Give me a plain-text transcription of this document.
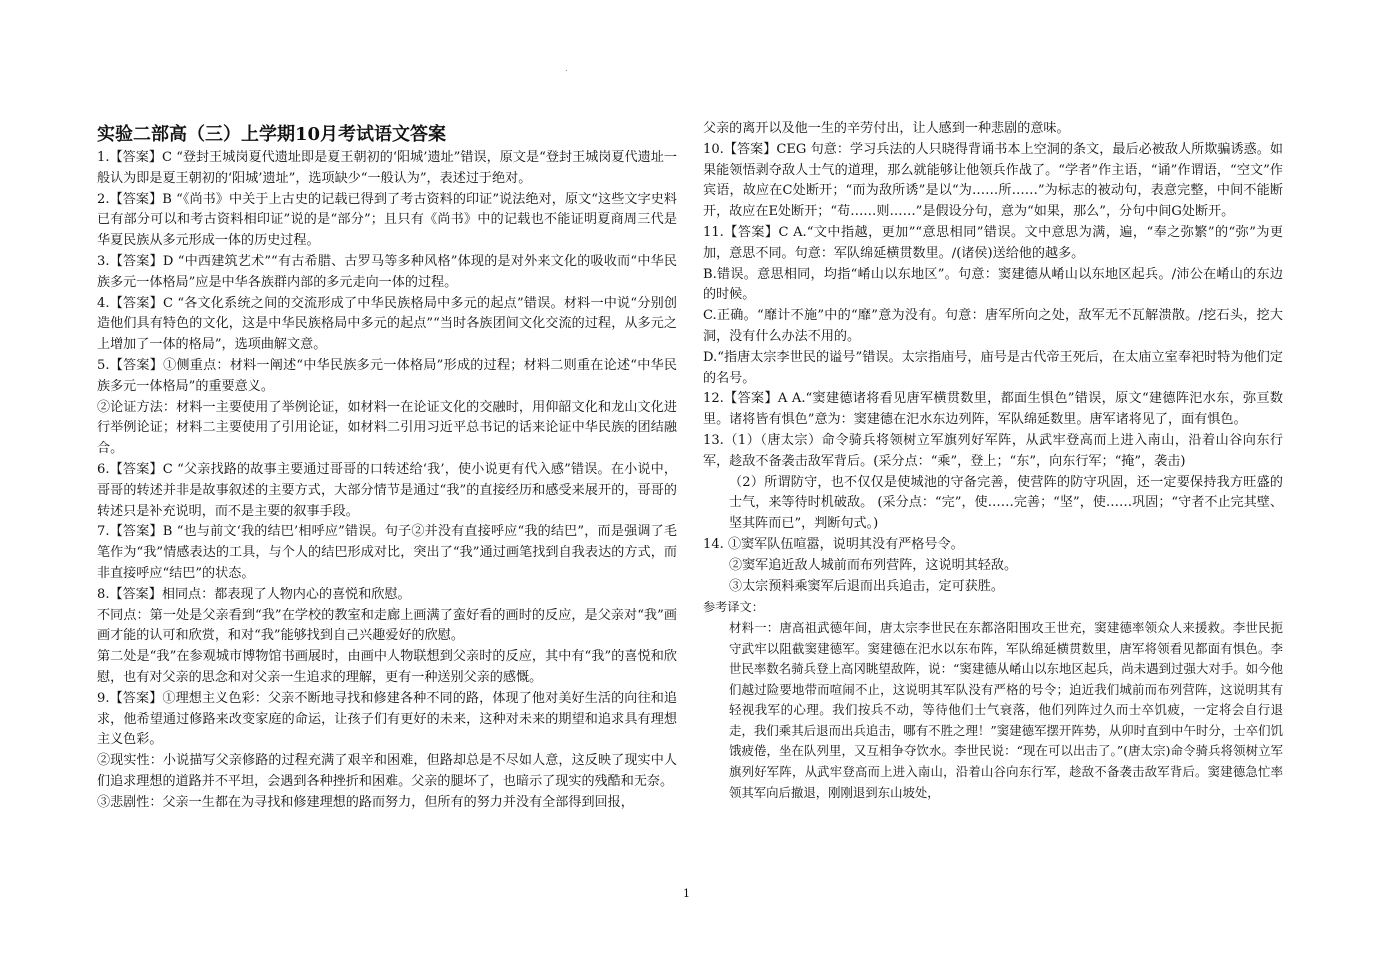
.

实验二部高（三）上学期10月考试语文答案

1.【答案】C “登封王城岗夏代遗址即是夏王朝初的‘阳城’遗址”错误，原文是“登封王城岗夏代遗址一般认为即是夏王朝初的‘阳城’遗址”，选项缺少“一般认为”，表述过于绝对。

2.【答案】B “《尚书》中关于上古史的记载已得到了考古资料的印证”说法绝对，原文“这些文字史料已有部分可以和考古资料相印证”说的是“部分”；且只有《尚书》中的记载也不能证明夏商周三代是华夏民族从多元形成一体的历史过程。

3.【答案】D “中西建筑艺术”“有古希腊、古罗马等多种风格”体现的是对外来文化的吸收而“中华民族多元一体格局”应是中华各族群内部的多元走向一体的过程。

4.【答案】C “各文化系统之间的交流形成了中华民族格局中多元的起点”错误。材料一中说“分别创造他们具有特色的文化，这是中华民族格局中多元的起点”“当时各族团间文化交流的过程，从多元之上增加了一体的格局”，选项曲解文意。

5.【答案】①侧重点：材料一阐述“中华民族多元一体格局”形成的过程；材料二则重在论述“中华民族多元一体格局”的重要意义。

②论证方法：材料一主要使用了举例论证，如材料一在论证文化的交融时，用仰韶文化和龙山文化进行举例论证；材料二主要使用了引用论证，如材料二引用习近平总书记的话来论证中华民族的团结融合。

6.【答案】C “父亲找路的故事主要通过哥哥的口转述给‘我’，使小说更有代入感”错误。在小说中，哥哥的转述并非是故事叙述的主要方式，大部分情节是通过“我”的直接经历和感受来展开的，哥哥的转述只是补充说明，而不是主要的叙事手段。

7.【答案】B “也与前文‘我的结巴’相呼应”错误。句子②并没有直接呼应“我的结巴”，而是强调了毛笔作为“我”情感表达的工具，与个人的结巴形成对比，突出了“我”通过画笔找到自我表达的方式，而非直接呼应“结巴”的状态。

8.【答案】相同点：都表现了人物内心的喜悦和欣慰。

不同点：第一处是父亲看到“我”在学校的教室和走廊上画满了蛮好看的画时的反应，是父亲对“我”画画才能的认可和欣赏，和对“我”能够找到自己兴趣爱好的欣慰。

第二处是“我”在参观城市博物馆书画展时，由画中人物联想到父亲时的反应，其中有“我”的喜悦和欣慰，也有对父亲的思念和对父亲一生追求的理解，更有一种送别父亲的感慨。

9.【答案】①理想主义色彩：父亲不断地寻找和修建各种不同的路，体现了他对美好生活的向往和追求，他希望通过修路来改变家庭的命运，让孩子们有更好的未来，这种对未来的期望和追求具有理想主义色彩。

②现实性：小说描写父亲修路的过程充满了艰辛和困难，但路却总是不尽如人意，这反映了现实中人们追求理想的道路并不平坦，会遇到各种挫折和困难。父亲的腿坏了，也暗示了现实的残酷和无奈。

③悲剧性：父亲一生都在为寻找和修建理想的路而努力，但所有的努力并没有全部得到回报，

父亲的离开以及他一生的辛劳付出，让人感到一种悲剧的意味。

10.【答案】CEG 句意：学习兵法的人只晓得背诵书本上空洞的条文，最后必被敌人所欺骗诱惑。如果能领悟剥夺敌人士气的道理，那么就能够让他领兵作战了。“学者”作主语，“诵”作谓语，“空文”作宾语，故应在C处断开；“而为敌所诱”是以“为……所……”为标志的被动句，表意完整，中间不能断开，故应在E处断开；“苟……则……”是假设分句，意为“如果，那么”，分句中间G处断开。

11.【答案】C A.“文中指越，更加”“意思相同”错误。文中意思为满，遍，“奉之弥繁”的“弥”为更加，意思不同。句意：军队绵延横贯数里。/(诸侯)送给他的越多。

B.错误。意思相同，均指“崤山以东地区”。句意：窦建德从崤山以东地区起兵。/沛公在崤山的东边的时候。

C.正确。“靡计不施”中的“靡”意为没有。句意：唐军所向之处，敌军无不瓦解溃散。/挖石头，挖大洞，没有什么办法不用的。

D.“指唐太宗李世民的谥号”错误。太宗指庙号，庙号是古代帝王死后，在太庙立室奉祀时特为他们定的名号。

12.【答案】A A.“窦建德诸将看见唐军横贯数里，都面生惧色”错误，原文“建德阵汜水东，弥亘数里。诸将皆有惧色”意为：窦建德在汜水东边列阵，军队绵延数里。唐军诸将见了，面有惧色。

13.（1）（唐太宗）命令骑兵将领树立军旗列好军阵，从武牢登高而上进入南山，沿着山谷向东行军，趁敌不备袭击敌军背后。(采分点：“乘”，登上；“东”，向东行军；“掩”，袭击)

（2）所谓防守，也不仅仅是使城池的守备完善，使营阵的防守巩固，还一定要保持我方旺盛的士气，来等待时机破敌。 (采分点：“完”，使……完善；“坚”，使……巩固；“守者不止完其壁、坚其阵而已”，判断句式。)

14. ①窦军队伍喧嚣，说明其没有严格号令。

②窦军追近敌人城前而布列营阵，这说明其轻敌。

③太宗预料乘窦军后退而出兵追击，定可获胜。

参考译文：

材料一：唐高祖武德年间，唐太宗李世民在东都洛阳围攻王世充，窦建德率领众人来援救。李世民扼守武牢以阻截窦建德军。窦建德在汜水以东布阵，军队绵延横贯数里，唐军将领看见都面有惧色。李世民率数名骑兵登上高冈眺望敌阵，说：“窦建德从崤山以东地区起兵，尚未遇到过强大对手。如今他们越过险要地带而喧闹不止，这说明其军队没有严格的号令；迫近我们城前而布列营阵，这说明其有轻视我军的心理。我们按兵不动，等待他们士气衰落，他们列阵过久而士卒饥疲，一定将会自行退走，我们乘其后退而出兵追击，哪有不胜之理！”窦建德军摆开阵势，从卯时直到中午时分，士卒们饥饿疲倦，坐在队列里，又互相争夺饮水。李世民说：“现在可以出击了。”(唐太宗)命令骑兵将领树立军旗列好军阵，从武牢登高而上进入南山，沿着山谷向东行军，趁敌不备袭击敌军背后。窦建德急忙率领其军向后撤退，刚刚退到东山坡处，

1
